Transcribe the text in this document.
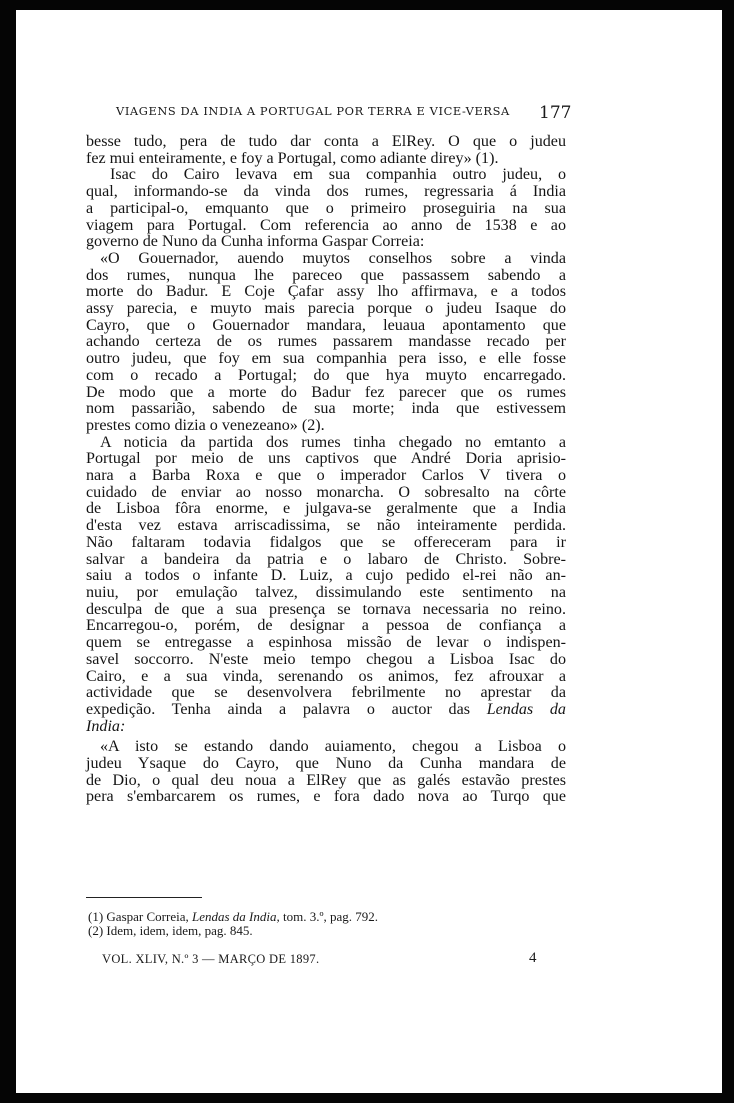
VIAGENS DA INDIA A PORTUGAL POR TERRA E VICE-VERSA	177
besse tudo, pera de tudo dar conta a ElRey. O que o judeu
fez mui enteiramente, e foy a Portugal, como adiante direy» (1).
Isac do Cairo levava em sua companhia outro judeu, o
qual, informando-se da vinda dos rumes, regressaria á India
a participal-o, emquanto que o primeiro proseguiria na sua
viagem para Portugal. Com referencia ao anno de 1538 e ao
governo de Nuno da Cunha informa Gaspar Correia:
«O Gouernador, auendo muytos conselhos sobre a vinda
dos rumes, nunqua lhe pareceo que passassem sabendo a
morte do Badur. E Coje Çafar assy lho affirmava, e a todos
assy parecia, e muyto mais parecia porque o judeu Isaque do
Cayro, que o Gouernador mandara, leuaua apontamento que
achando certeza de os rumes passarem mandasse recado per
outro judeu, que foy em sua companhia pera isso, e elle fosse
com o recado a Portugal; do que hya muyto encarregado.
De modo que a morte do Badur fez parecer que os rumes
nom passarião, sabendo de sua morte; inda que estivessem
prestes como dizia o venezeano» (2).
A noticia da partida dos rumes tinha chegado no emtanto a
Portugal por meio de uns captivos que André Doria aprisio-
nara a Barba Roxa e que o imperador Carlos V tivera o
cuidado de enviar ao nosso monarcha. O sobresalto na côrte
de Lisboa fôra enorme, e julgava-se geralmente que a India
d'esta vez estava arriscadissima, se não inteiramente perdida.
Não faltaram todavia fidalgos que se offereceram para ir
salvar a bandeira da patria e o labaro de Christo. Sobre-
saiu a todos o infante D. Luiz, a cujo pedido el-rei não an-
nuiu, por emulação talvez, dissimulando este sentimento na
desculpa de que a sua presença se tornava necessaria no reino.
Encarregou-o, porém, de designar a pessoa de confiança a
quem se entregasse a espinhosa missão de levar o indispen-
savel soccorro. N'este meio tempo chegou a Lisboa Isac do
Cairo, e a sua vinda, serenando os animos, fez afrouxar a
actividade que se desenvolvera febrilmente no aprestar da
expedição. Tenha ainda a palavra o auctor das Lendas da
India:
«A isto se estando dando auiamento, chegou a Lisboa o
judeu Ysaque do Cayro, que Nuno da Cunha mandara de
de Dio, o qual deu noua a ElRey que as galés estavão prestes
pera s'embarcarem os rumes, e fora dado nova ao Turqo que
(1) Gaspar Correia, Lendas da India, tom. 3.º, pag. 792.
(2) Idem, idem, idem, pag. 845.
VOL. XLIV, N.º 3 — MARÇO DE 1897.	4
